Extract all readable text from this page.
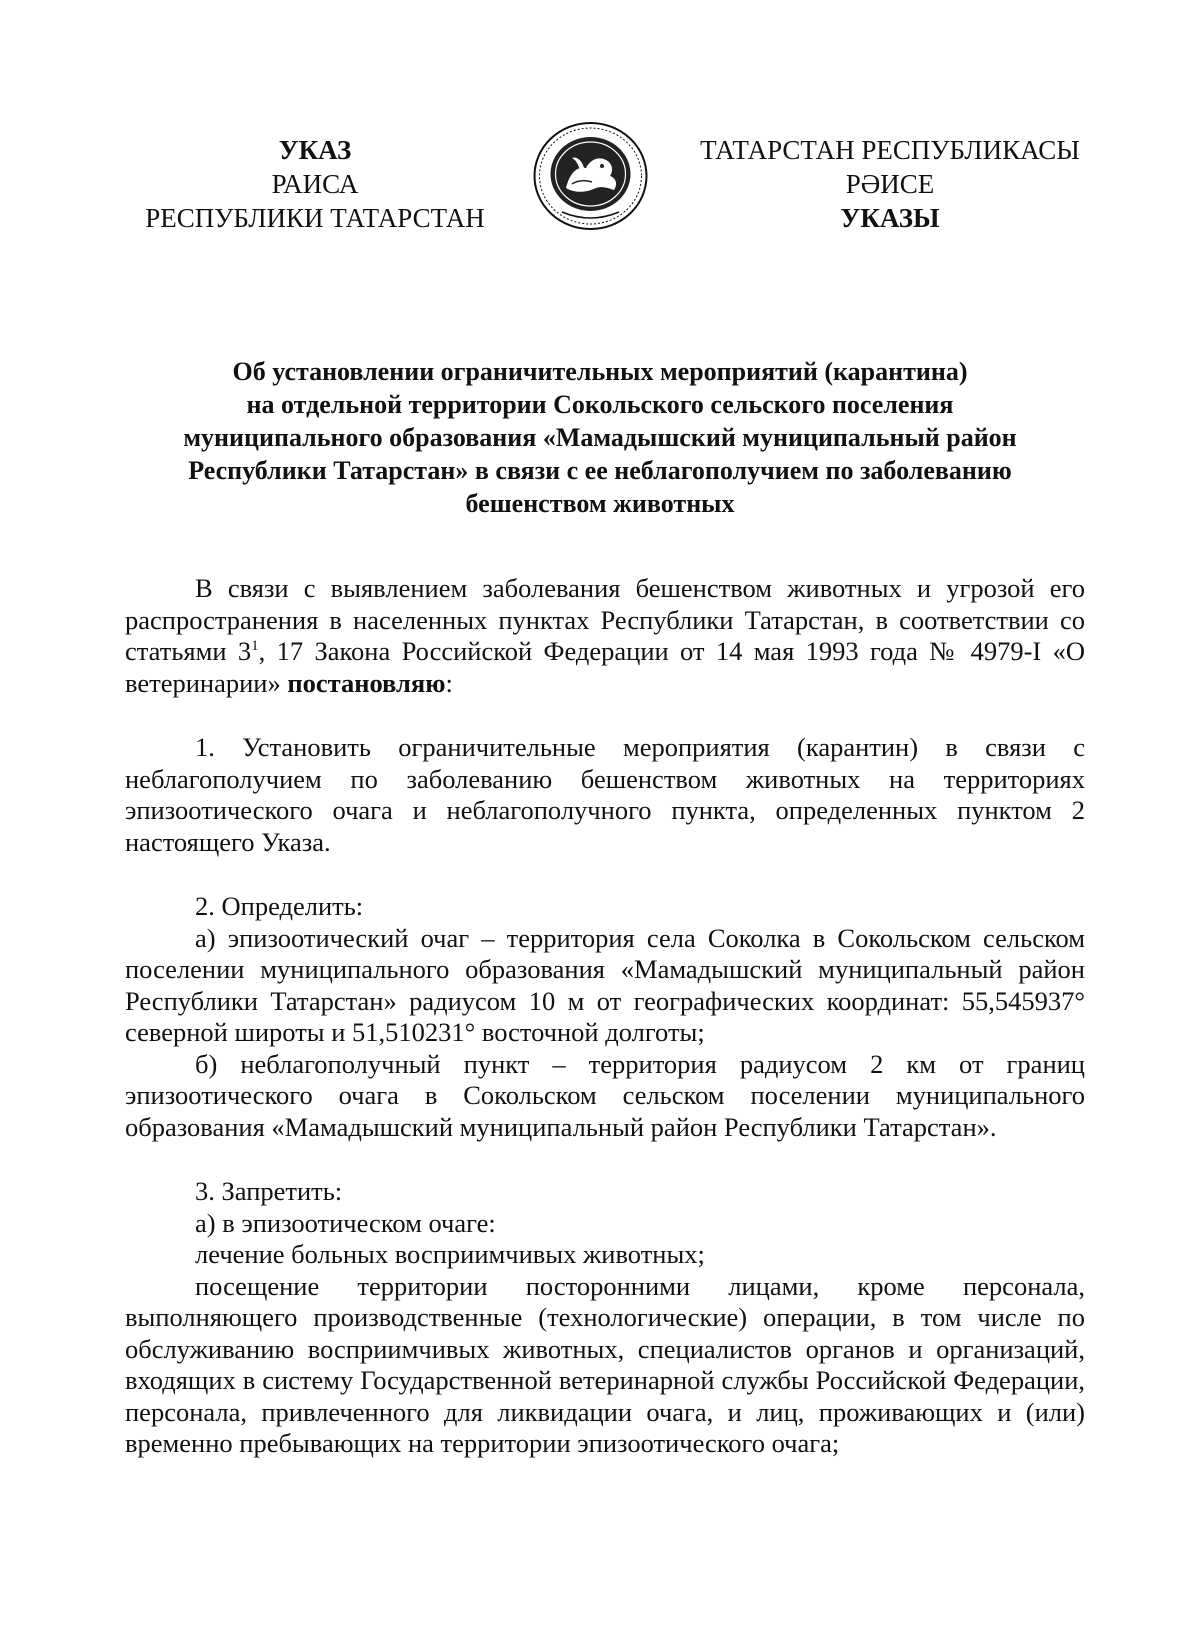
УКАЗ
РАИСА
РЕСПУБЛИКИ ТАТАРСТАН
ТАТАРСТАН РЕСПУБЛИКАСЫ
РӘИСЕ
УКАЗЫ
Об установлении ограничительных мероприятий (карантина)
на отдельной территории Сокольского сельского поселения
муниципального образования «Мамадышский муниципальный район
Республики Татарстан» в связи с ее неблагополучием по заболеванию
бешенством животных

В связи с выявлением заболевания бешенством животных и угрозой его распространения в населенных пунктах Республики Татарстан, в соответствии со статьями $3^1$, 17 Закона Российской Федерации от 14 мая 1993 года № 4979-I «О ветеринарии» постановляю:

1. Установить ограничительные мероприятия (карантин) в связи с неблагополучием по заболеванию бешенством животных на территориях эпизоотического очага и неблагополучного пункта, определенных пунктом 2 настоящего Указа.

2. Определить:

а) эпизоотический очаг – территория села Соколка в Сокольском сельском поселении муниципального образования «Мамадышский муниципальный район Республики Татарстан» радиусом 10 м от географических координат: 55,545937° северной широты и 51,510231° восточной долготы;

б) неблагополучный пункт – территория радиусом 2 км от границ эпизоотического очага в Сокольском сельском поселении муниципального образования «Мамадышский муниципальный район Республики Татарстан».

3. Запретить:

а) в эпизоотическом очаге:

лечение больных восприимчивых животных;

посещение территории посторонними лицами, кроме персонала, выполняющего производственные (технологические) операции, в том числе по обслуживанию восприимчивых животных, специалистов органов и организаций, входящих в систему Государственной ветеринарной службы Российской Федерации, персонала, привлеченного для ликвидации очага, и лиц, проживающих и (или) временно пребывающих на территории эпизоотического очага;
